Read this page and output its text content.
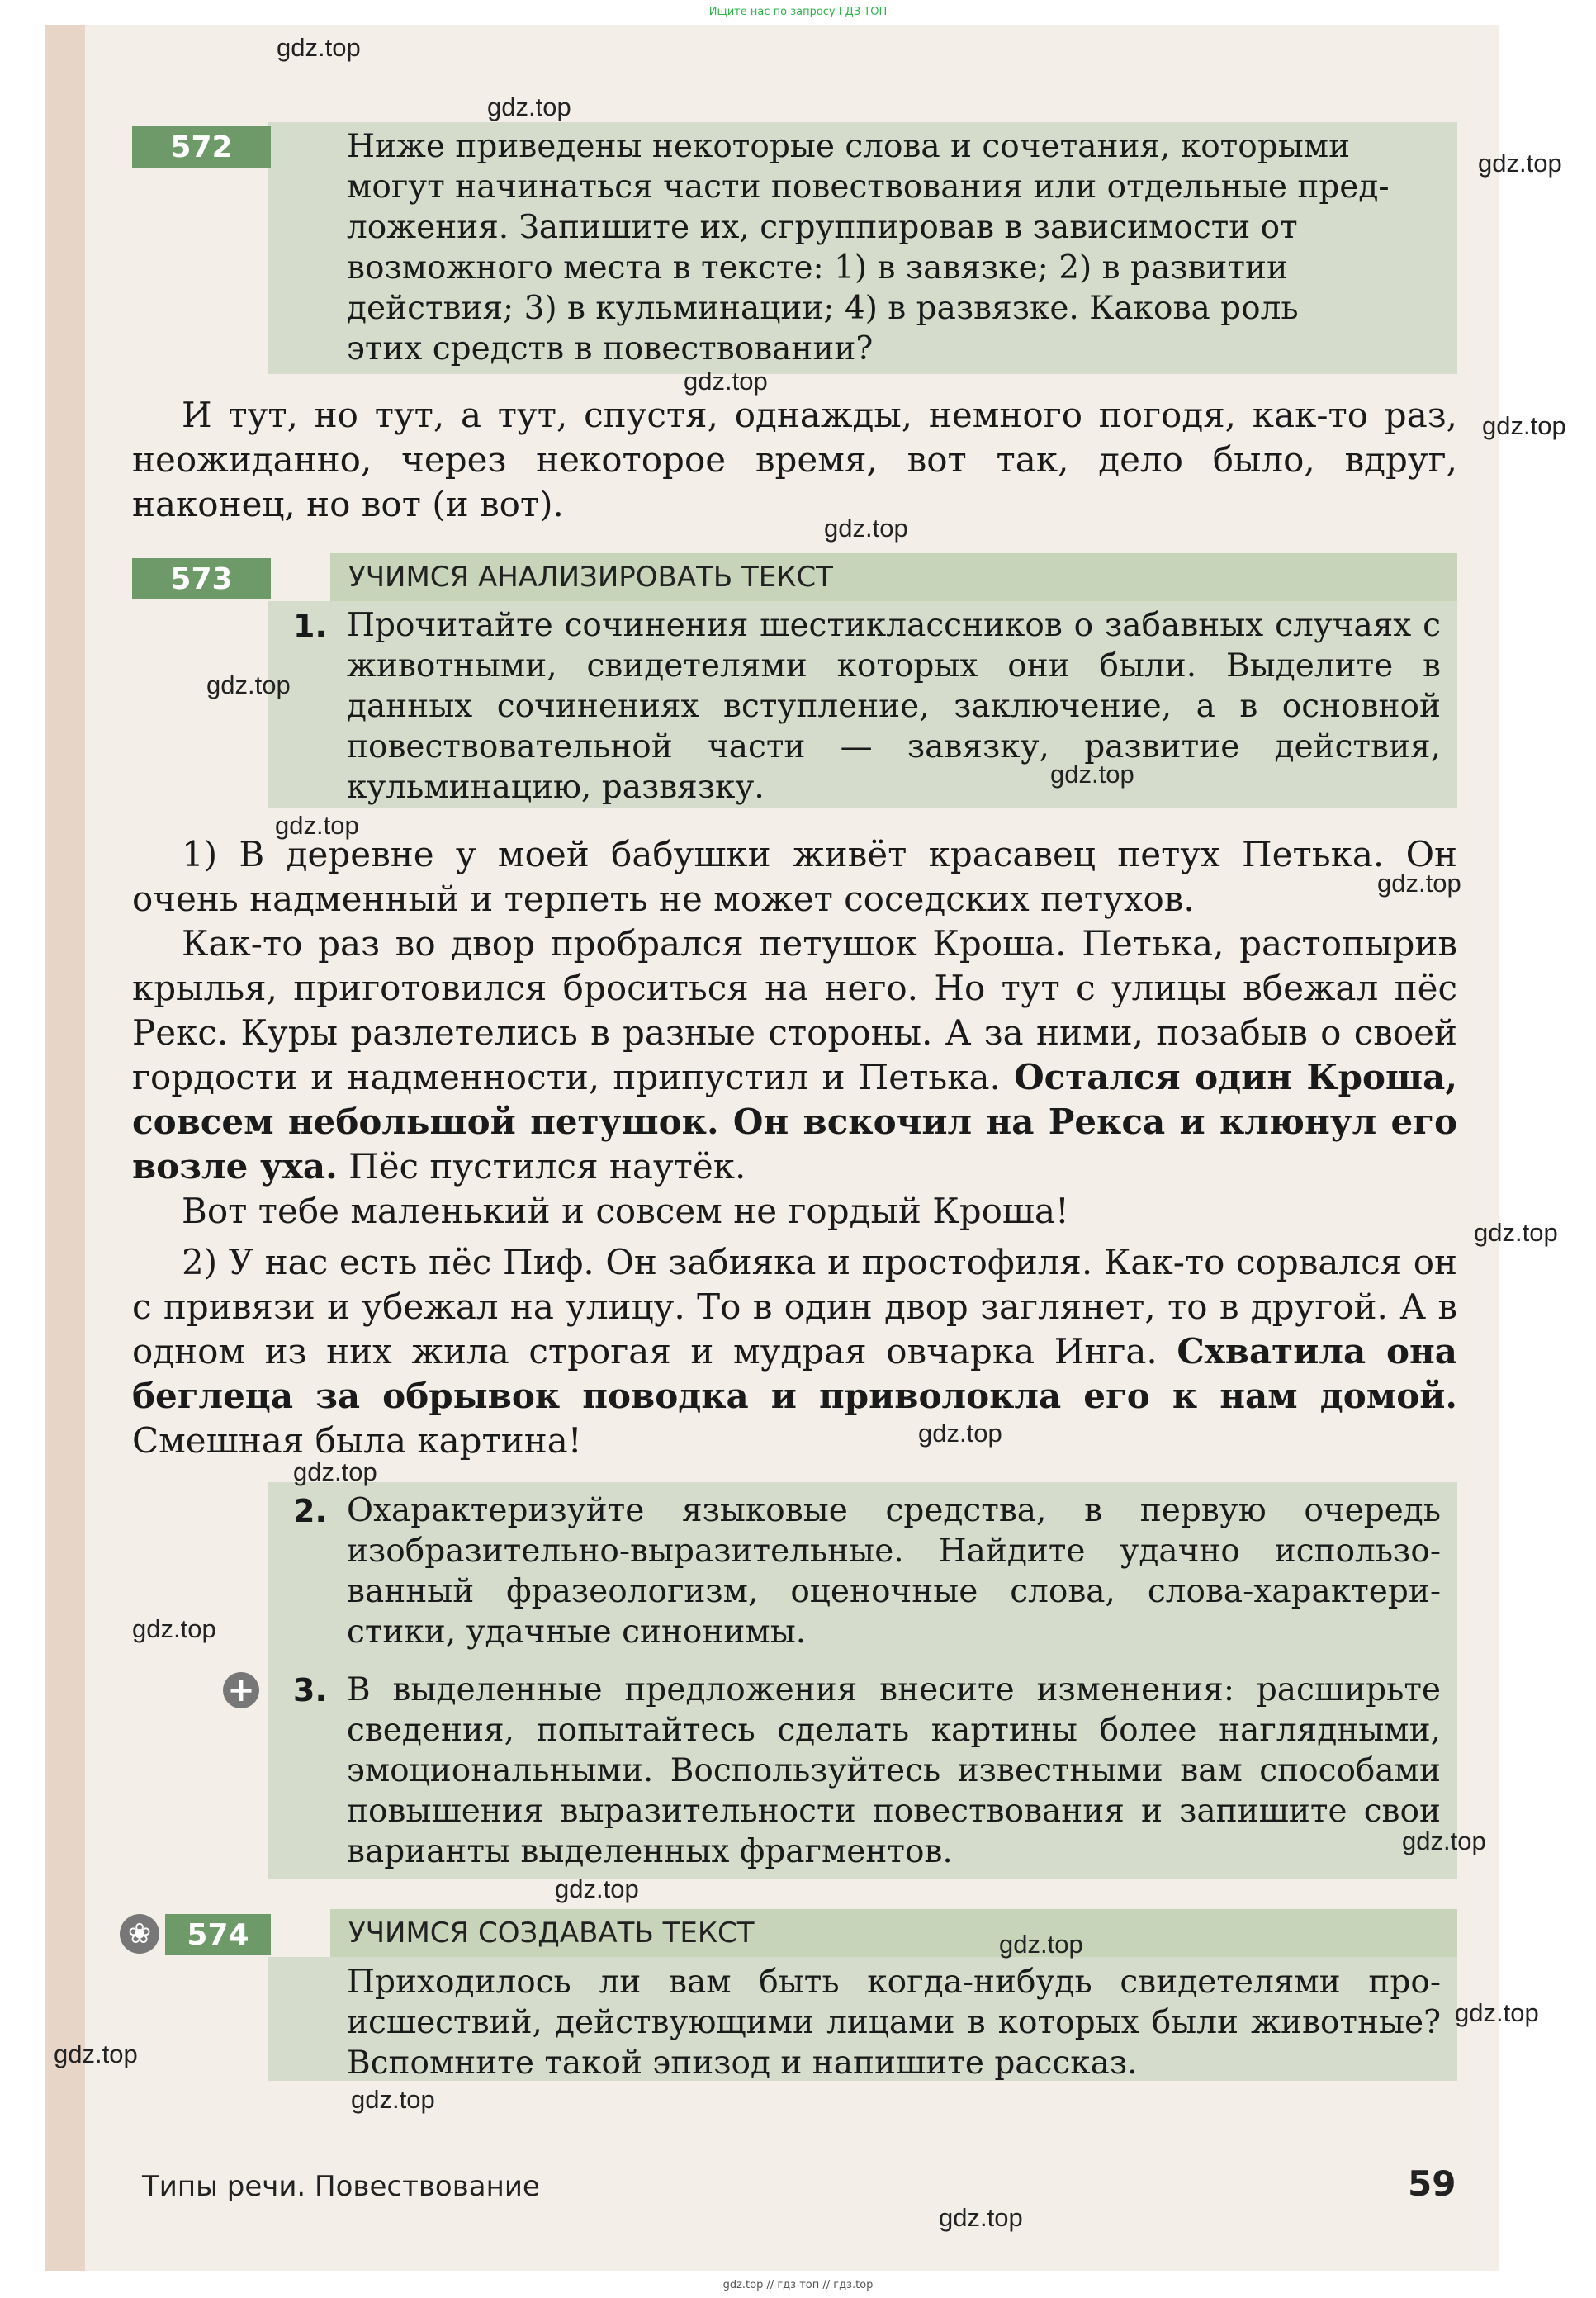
Ищите нас по запросу ГДЗ ТОП
572	Ниже приведены некоторые слова и сочетания, которыми

могут начинаться части повествования или отдельные пред-

ложения. Запишите их, сгруппировав в зависимости от

возможного места в тексте: 1) в завязке; 2) в развитии

действия; 3) в кульминации; 4) в развязке. Какова роль

этих средств в повествовании?

И тут, но тут, а тут, спустя, однажды, немного погодя, как-то раз, неожиданно, через некоторое время, вот так, дело было, вдруг, наконец, но вот (и вот).

УЧИМСЯ АНАЛИЗИРОВАТЬ ТЕКСТ
573
1. Прочитайте сочинения шестиклассников о забавных случаях с животными, свидетелями которых они были. Выделите в данных сочинениях вступление, заключение, а в основной повествовательной части — завязку, развитие действия, кульминацию, развязку.

1) В деревне у моей бабушки живёт красавец петух Петька. Он очень надменный и терпеть не может соседских петухов.

Как-то раз во двор пробрался петушок Кроша. Петька, растопырив крылья, приготовился броситься на него. Но тут с улицы вбежал пёс Рекс. Куры разлетелись в разные стороны. А за ними, позабыв о своей гордости и надменности, припустил и Петька. Остался один Кроша, совсем небольшой петушок. Он вскочил на Рекса и клюнул его возле уха. Пёс пустился наутёк.

Вот тебе маленький и совсем не гордый Кроша!

2) У нас есть пёс Пиф. Он забияка и простофиля. Как-то сорвался он с привязи и убежал на улицу. То в один двор заглянет, то в другой. А в одном из них жила строгая и мудрая овчарка Инга. Схватила она беглеца за обрывок поводка и приволокла его к нам домой. Смешная была картина!

2. Охарактеризуйте языковые средства, в первую очередь изобразительно-выразительные. Найдите удачно использованный фразеологизм, оценочные слова, слова-характеристики, удачные синонимы.
+ 3. В выделенные предложения внесите изменения: расширьте сведения, попытайтесь сделать картины более наглядными, эмоциональными. Воспользуйтесь известными вам способами повышения выразительности повествования и запишите свои варианты выделенных фрагментов.
УЧИМСЯ СОЗДАВАТЬ ТЕКСТ
❀	574
Приходилось ли вам быть когда-нибудь свидетелями происшествий, действующими лицами в которых были животные? Вспомните такой эпизод и напишите рассказ.
Типы речи. Повествование	59
gdz.top
gdz.top
gdz.top
gdz.top
gdz.top
gdz.top
gdz.top
gdz.top
gdz.top
gdz.top
gdz.top
gdz.top
gdz.top
gdz.top
gdz.top
gdz.top
gdz.top
gdz.top
gdz.top
gdz.top
gdz.top
gdz.top // гдз топ // гдз.top
